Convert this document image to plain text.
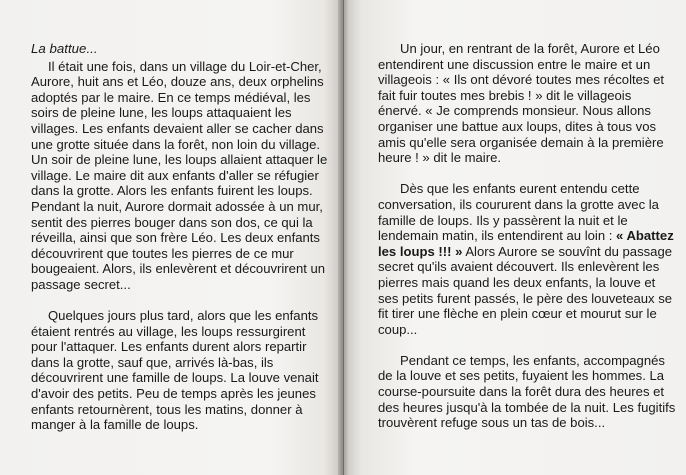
La battue...

Il était une fois, dans un village du Loir-et-Cher, Aurore, huit ans et Léo, douze ans, deux orphelins adoptés par le maire. En ce temps médiéval, les soirs de pleine lune, les loups attaquaient les villages. Les enfants devaient aller se cacher dans une grotte située dans la forêt, non loin du village. Un soir de pleine lune, les loups allaient attaquer le village. Le maire dit aux enfants d'aller se réfugier dans la grotte. Alors les enfants fuirent les loups. Pendant la nuit, Aurore dormait adossée à un mur, sentit des pierres bouger dans son dos, ce qui la réveilla, ainsi que son frère Léo. Les deux enfants découvrirent que toutes les pierres de ce mur bougeaient. Alors, ils enlevèrent et découvrirent un passage secret...

Quelques jours plus tard, alors que les enfants étaient rentrés au village, les loups ressurgirent pour l'attaquer. Les enfants durent alors repartir dans la grotte, sauf que, arrivés là-bas, ils découvrirent une famille de loups. La louve venait d'avoir des petits. Peu de temps après les jeunes enfants retournèrent, tous les matins, donner à manger à la famille de loups.

Un jour, en rentrant de la forêt, Aurore et Léo entendirent une discussion entre le maire et un villageois : « Ils ont dévoré toutes mes récoltes et fait fuir toutes mes brebis ! » dit le villageois énervé. « Je comprends monsieur. Nous allons organiser une battue aux loups, dites à tous vos amis qu'elle sera organisée demain à la première heure ! » dit le maire.

Dès que les enfants eurent entendu cette conversation, ils coururent dans la grotte avec la famille de loups. Ils y passèrent la nuit et le lendemain matin, ils entendirent au loin : « Abattez les loups !!! » Alors Aurore se souvînt du passage secret qu'ils avaient découvert. Ils enlevèrent les pierres mais quand les deux enfants, la louve et ses petits furent passés, le père des louveteaux se fit tirer une flèche en plein cœur et mourut sur le coup...

Pendant ce temps, les enfants, accompagnés de la louve et ses petits, fuyaient les hommes. La course-poursuite dans la forêt dura des heures et des heures jusqu'à la tombée de la nuit. Les fugitifs trouvèrent refuge sous un tas de bois...
